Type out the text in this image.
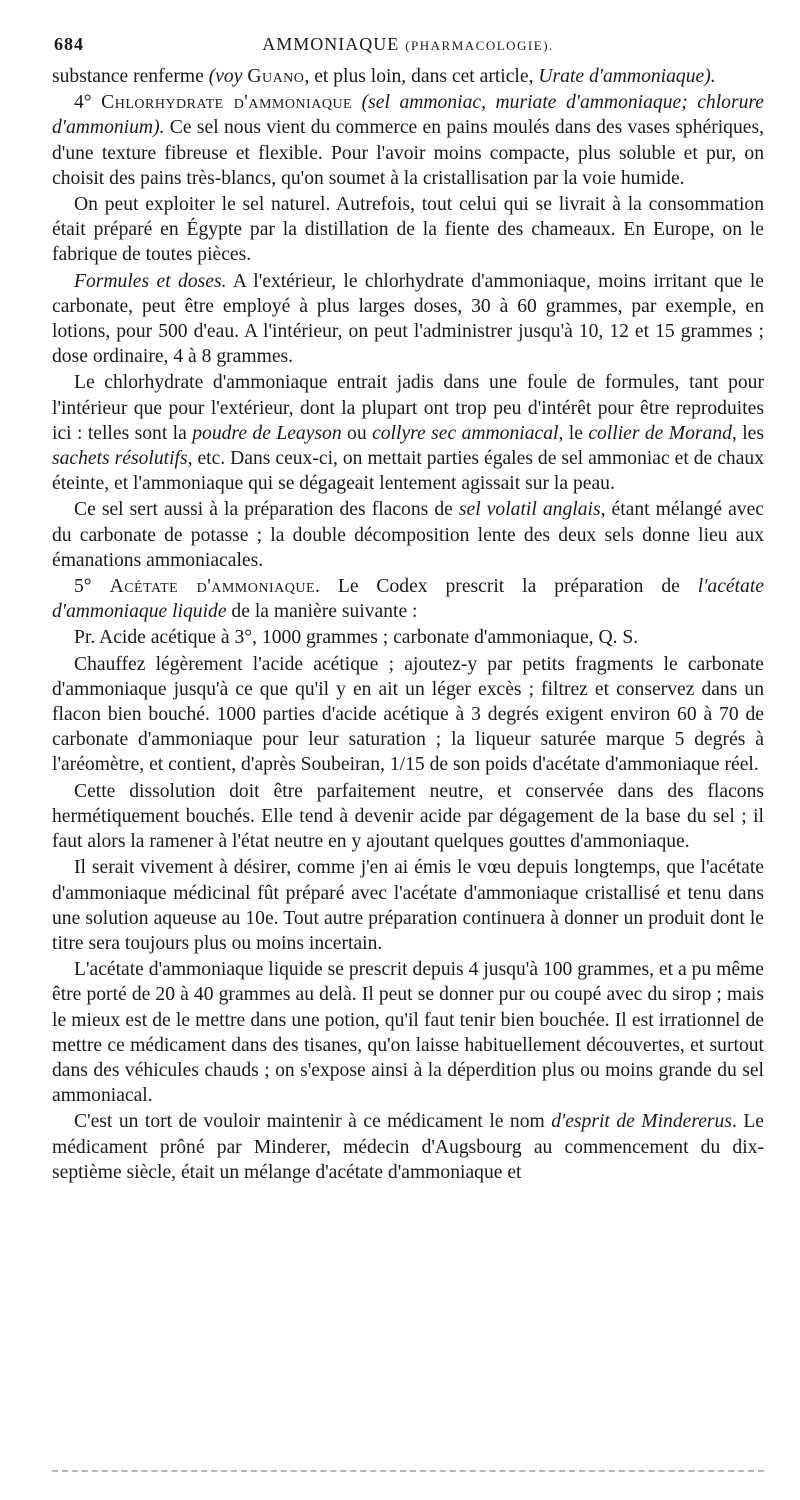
684	AMMONIAQUE (PHARMACOLOGIE).

substance renferme (voy Guano, et plus loin, dans cet article, Urate d'ammoniaque).

4° Chlorhydrate d'ammoniaque (sel ammoniac, muriate d'ammoniaque; chlorure d'ammonium). Ce sel nous vient du commerce en pains moulés dans des vases sphériques, d'une texture fibreuse et flexible. Pour l'avoir moins compacte, plus soluble et pur, on choisit des pains très-blancs, qu'on soumet à la cristallisation par la voie humide.

On peut exploiter le sel naturel. Autrefois, tout celui qui se livrait à la consommation était préparé en Égypte par la distillation de la fiente des chameaux. En Europe, on le fabrique de toutes pièces.

Formules et doses. A l'extérieur, le chlorhydrate d'ammoniaque, moins irritant que le carbonate, peut être employé à plus larges doses, 30 à 60 grammes, par exemple, en lotions, pour 500 d'eau. A l'intérieur, on peut l'administrer jusqu'à 10, 12 et 15 grammes ; dose ordinaire, 4 à 8 grammes.

Le chlorhydrate d'ammoniaque entrait jadis dans une foule de formules, tant pour l'intérieur que pour l'extérieur, dont la plupart ont trop peu d'intérêt pour être reproduites ici : telles sont la poudre de Leayson ou collyre sec ammoniacal, le collier de Morand, les sachets résolutifs, etc. Dans ceux-ci, on mettait parties égales de sel ammoniac et de chaux éteinte, et l'ammoniaque qui se dégageait lentement agissait sur la peau.

Ce sel sert aussi à la préparation des flacons de sel volatil anglais, étant mélangé avec du carbonate de potasse ; la double décomposition lente des deux sels donne lieu aux émanations ammoniacales.

5° Acétate d'ammoniaque. Le Codex prescrit la préparation de l'acétate d'ammoniaque liquide de la manière suivante :

Pr. Acide acétique à 3°, 1000 grammes ; carbonate d'ammoniaque, Q. S.

Chauffez légèrement l'acide acétique ; ajoutez-y par petits fragments le carbonate d'ammoniaque jusqu'à ce que qu'il y en ait un léger excès ; filtrez et conservez dans un flacon bien bouché. 1000 parties d'acide acétique à 3 degrés exigent environ 60 à 70 de carbonate d'ammoniaque pour leur saturation ; la liqueur saturée marque 5 degrés à l'aréomètre, et contient, d'après Soubeiran, 1/15 de son poids d'acétate d'ammoniaque réel.

Cette dissolution doit être parfaitement neutre, et conservée dans des flacons hermétiquement bouchés. Elle tend à devenir acide par dégagement de la base du sel ; il faut alors la ramener à l'état neutre en y ajoutant quelques gouttes d'ammoniaque.

Il serait vivement à désirer, comme j'en ai émis le vœu depuis longtemps, que l'acétate d'ammoniaque médicinal fût préparé avec l'acétate d'ammoniaque cristallisé et tenu dans une solution aqueuse au 10e. Tout autre préparation continuera à donner un produit dont le titre sera toujours plus ou moins incertain.

L'acétate d'ammoniaque liquide se prescrit depuis 4 jusqu'à 100 grammes, et a pu même être porté de 20 à 40 grammes au delà. Il peut se donner pur ou coupé avec du sirop ; mais le mieux est de le mettre dans une potion, qu'il faut tenir bien bouchée. Il est irrationnel de mettre ce médicament dans des tisanes, qu'on laisse habituellement découvertes, et surtout dans des véhicules chauds ; on s'expose ainsi à la déperdition plus ou moins grande du sel ammoniacal.

C'est un tort de vouloir maintenir à ce médicament le nom d'esprit de Mindererus. Le médicament prôné par Minderer, médecin d'Augsbourg au commencement du dix-septième siècle, était un mélange d'acétate d'ammoniaque et
